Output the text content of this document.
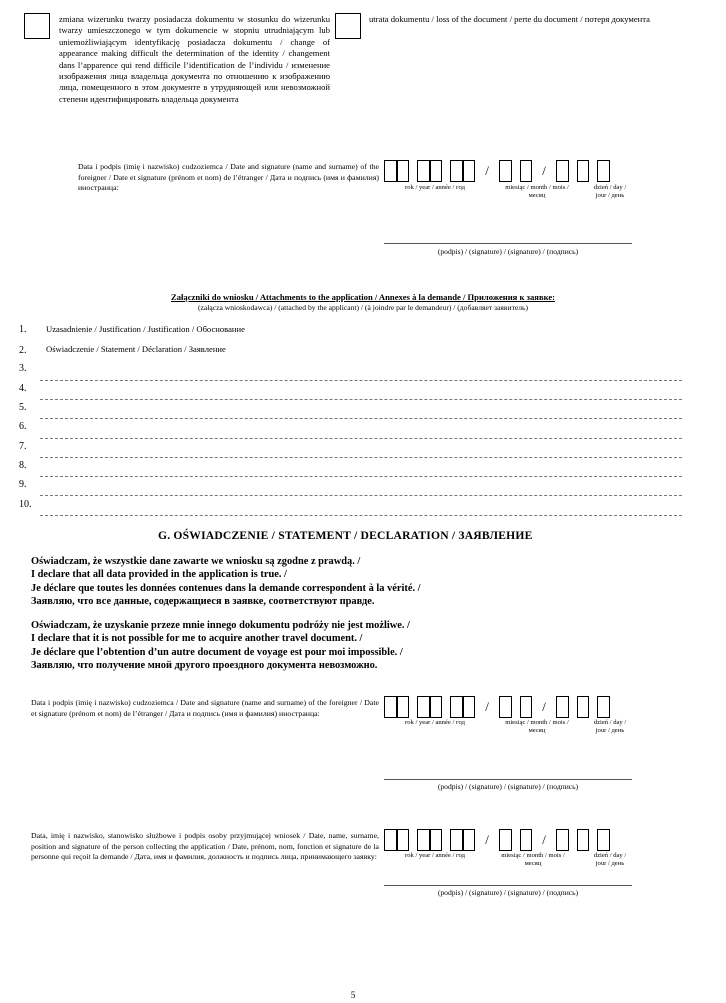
zmiana wizerunku twarzy posiadacza dokumentu w stosunku do wizerunku twarzy umieszczonego w tym dokumencie w stopniu utrudniającym lub uniemożliwiającym identyfikację posiadacza dokumentu / change of appearance making difficult the determination of the identity / changement dans l’apparence qui rend difficile l’identification de l’individu / изменение изображения лица владельца документа по отношению к изображению лица, помещенного в этом документе в утрудняющей или невозможной степени идентифицировать владельца документа
utrata dokumentu / loss of the document / perte du document / потеря документа
Data i podpis (imię i nazwisko) cudzoziemca / Date and signature (name and surname) of the foreigner / Date et signature (prénom et nom) de l’étranger / Дата и подпись (имя и фамилия) иностранца:
/	/
rok / year / année / год	miesiąc / month / mois / месяц
dzień / day / jour / день
(podpis) / (signature) / (signature) / (подпись)
Załączniki do wniosku / Attachments to the application / Annexes à la demande / Приложения к заявке:
(załącza wnioskodawca) / (attached by the applicant) / (à joindre par le demandeur) / (добавляет заявитель)
1. Uzasadnienie / Justification / Justification / Обоснование
2. Oświadczenie / Statement / Déclaration / Заявление
3.
4.
5.
6.
7.
8.
9.
10.
G. OŚWIADCZENIE / STATEMENT / DECLARATION / ЗАЯВЛЕНИЕ
Oświadczam, że wszystkie dane zawarte we wniosku są zgodne z prawdą. /
I declare that all data provided in the application is true. /
Je déclare que toutes les données contenues dans la demande correspondent à la vérité. /
Заявляю, что все данные, содержащиеся в заявке, соответствуют правде.
Oświadczam, że uzyskanie przeze mnie innego dokumentu podróży nie jest możliwe. /
I declare that it is not possible for me to acquire another travel document. /
Je déclare que l’obtention d’un autre document de voyage est pour moi impossible. /
Заявляю, что получение мной другого проездного документа невозможно.
Data i podpis (imię i nazwisko) cudzoziemca / Date and signature (name and surname) of the foreigner / Date et signature (prénom et nom) de l’étranger / Дата и подпись (имя и фамилия) иностранца:	/	/
rok / year / année / год	miesiąc / month / mois / месяц
dzień / day / jour / день
(podpis) / (signature) / (signature) / (подпись)
Data, imię i nazwisko, stanowisko służbowe i podpis osoby przyjmującej wniosek / Date, name, surname, position and signature of the person collecting the application / Date, prénom, nom, fonction et signature de la personne qui reçoit la demande / Дата, имя и фамилия, должность и подпись лица, принимающего заявку:
/	/
rok / year / année / год	miesiąc / month / mois / месяц
dzień / day / jour / день
(podpis) / (signature) / (signature) / (подпись)
5
